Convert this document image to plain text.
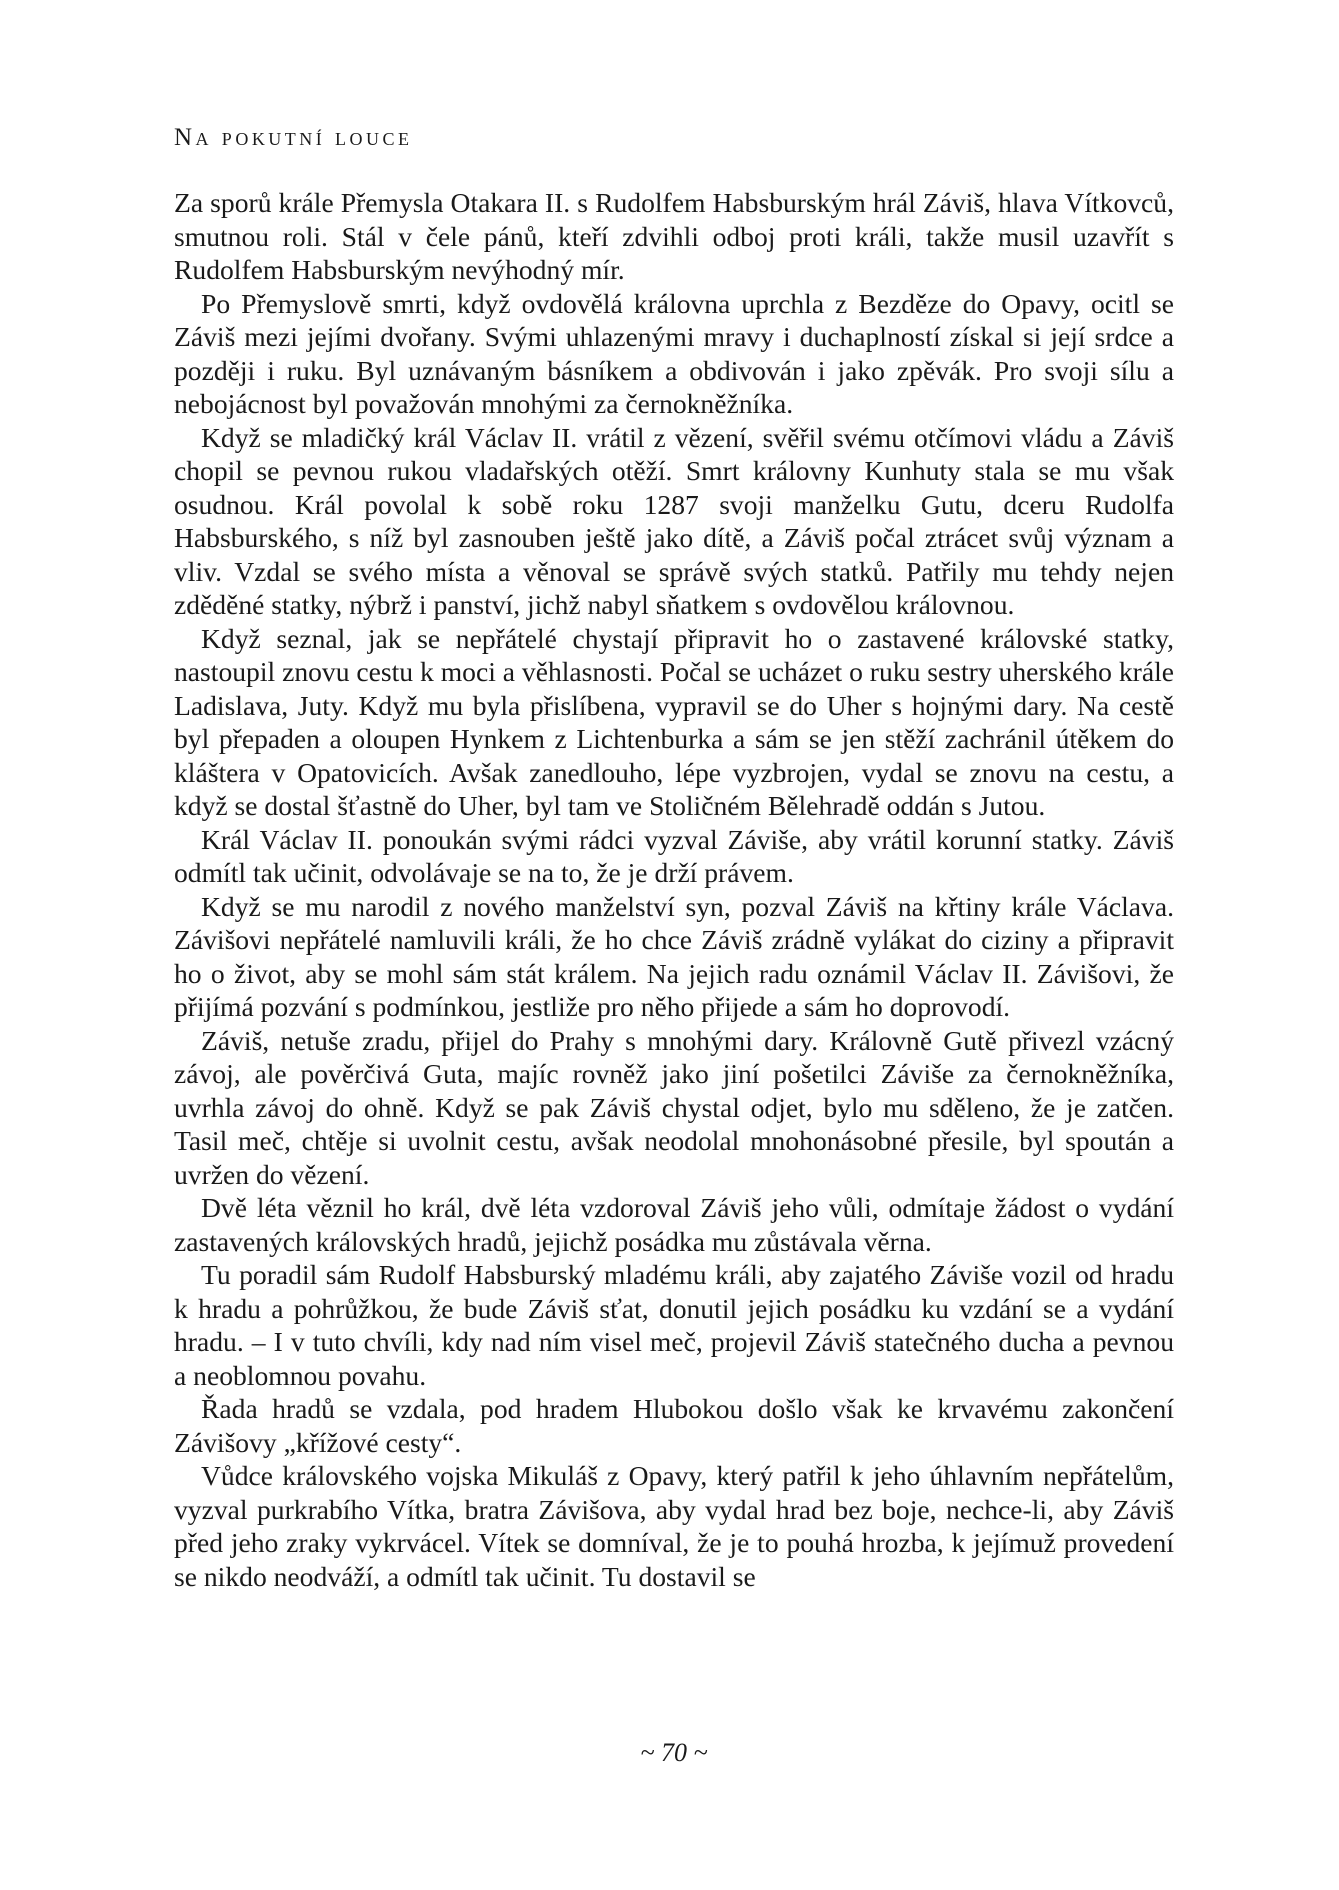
Na pokutní louce

Za sporů krále Přemysla Otakara II. s Rudolfem Habsburským hrál Záviš, hlava Vítkovců, smutnou roli. Stál v čele pánů, kteří zdvihli odboj proti králi, takže musil uzavřít s Rudolfem Habsburským nevýhodný mír.

Po Přemyslově smrti, když ovdovělá královna uprchla z Bezděze do Opavy, ocitl se Záviš mezi jejími dvořany. Svými uhlazenými mravy i duchaplností získal si její srdce a později i ruku. Byl uznávaným básníkem a obdivován i jako zpěvák. Pro svoji sílu a nebojácnost byl považován mnohými za černokněžníka.

Když se mladičký král Václav II. vrátil z vězení, svěřil svému otčímovi vládu a Záviš chopil se pevnou rukou vladařských otěží. Smrt královny Kunhuty stala se mu však osudnou. Král povolal k sobě roku 1287 svoji manželku Gutu, dceru Rudolfa Habsburského, s níž byl zasnouben ještě jako dítě, a Záviš počal ztrácet svůj význam a vliv. Vzdal se svého místa a věnoval se správě svých statků. Patřily mu tehdy nejen zděděné statky, nýbrž i panství, jichž nabyl sňatkem s ovdovělou královnou.

Když seznal, jak se nepřátelé chystají připravit ho o zastavené královské statky, nastoupil znovu cestu k moci a věhlasnosti. Počal se ucházet o ruku sestry uherského krále Ladislava, Juty. Když mu byla přislíbena, vypravil se do Uher s hojnými dary. Na cestě byl přepaden a oloupen Hynkem z Lichtenburka a sám se jen stěží zachránil útěkem do kláštera v Opatovicích. Avšak zanedlouho, lépe vyzbrojen, vydal se znovu na cestu, a když se dostal šťastně do Uher, byl tam ve Stoličném Bělehradě oddán s Jutou.

Král Václav II. ponoukán svými rádci vyzval Záviše, aby vrátil korunní statky. Záviš odmítl tak učinit, odvolávaje se na to, že je drží právem.

Když se mu narodil z nového manželství syn, pozval Záviš na křtiny krále Václava. Závišovi nepřátelé namluvili králi, že ho chce Záviš zrádně vylákat do ciziny a připravit ho o život, aby se mohl sám stát králem. Na jejich radu oznámil Václav II. Závišovi, že přijímá pozvání s podmínkou, jestliže pro něho přijede a sám ho doprovodí.

Záviš, netuše zradu, přijel do Prahy s mnohými dary. Královně Gutě přivezl vzácný závoj, ale pověrčivá Guta, majíc rovněž jako jiní pošetilci Záviše za černokněžníka, uvrhla závoj do ohně. Když se pak Záviš chystal odjet, bylo mu sděleno, že je zatčen. Tasil meč, chtěje si uvolnit cestu, avšak neodolal mnohonásobné přesile, byl spoután a uvržen do vězení.

Dvě léta věznil ho král, dvě léta vzdoroval Záviš jeho vůli, odmítaje žádost o vydání zastavených královských hradů, jejichž posádka mu zůstávala věrna.

Tu poradil sám Rudolf Habsburský mladému králi, aby zajatého Záviše vozil od hradu k hradu a pohrůžkou, že bude Záviš sťat, donutil jejich posádku ku vzdání se a vydání hradu. – I v tuto chvíli, kdy nad ním visel meč, projevil Záviš statečného ducha a pevnou a neoblomnou povahu.

Řada hradů se vzdala, pod hradem Hlubokou došlo však ke krvavému zakončení Závišovy „křížové cesty“.

Vůdce královského vojska Mikuláš z Opavy, který patřil k jeho úhlavním nepřátelům, vyzval purkrabího Vítka, bratra Závišova, aby vydal hrad bez boje, nechce-li, aby Záviš před jeho zraky vykrvácel. Vítek se domníval, že je to pouhá hrozba, k jejímuž provedení se nikdo neodváží, a odmítl tak učinit. Tu dostavil se

~ 70 ~
